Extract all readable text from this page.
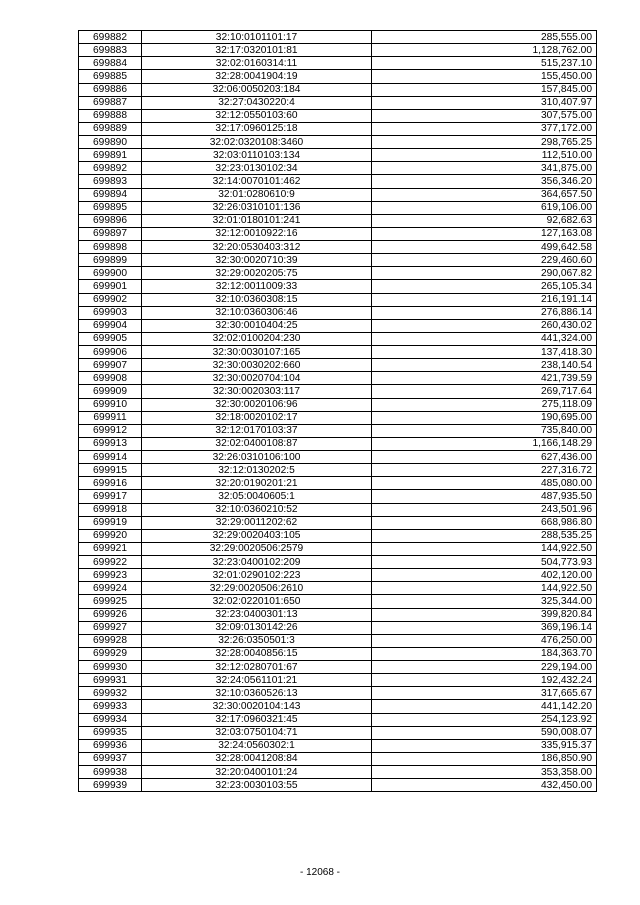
699882	32:10:0101101:17	285,555.00
699883	32:17:0320101:81	1,128,762.00
699884	32:02:0160314:11	515,237.10
699885	32:28:0041904:19	155,450.00
699886	32:06:0050203:184	157,845.00
699887	32:27:0430220:4	310,407.97
699888	32:12:0550103:60	307,575.00
699889	32:17:0960125:18	377,172.00
699890	32:02:0320108:3460	298,765.25
699891	32:03:0110103:134	112,510.00
699892	32:23:0130102:34	341,875.00
699893	32:14:0070101:462	356,346.20
699894	32:01:0280610:9	364,657.50
699895	32:26:0310101:136	619,106.00
699896	32:01:0180101:241	92,682.63
699897	32:12:0010922:16	127,163.08
699898	32:20:0530403:312	499,642.58
699899	32:30:0020710:39	229,460.60
699900	32:29:0020205:75	290,067.82
699901	32:12:0011009:33	265,105.34
699902	32:10:0360308:15	216,191.14
699903	32:10:0360306:46	276,886.14
699904	32:30:0010404:25	260,430.02
699905	32:02:0100204:230	441,324.00
699906	32:30:0030107:165	137,418.30
699907	32:30:0030202:660	238,140.54
699908	32:30:0020704:104	421,739.59
699909	32:30:0020303:117	269,717.64
699910	32:30:0020106:96	275,118.09
699911	32:18:0020102:17	190,695.00
699912	32:12:0170103:37	735,840.00
699913	32:02:0400108:87	1,166,148.29
699914	32:26:0310106:100	627,436.00
699915	32:12:0130202:5	227,316.72
699916	32:20:0190201:21	485,080.00
699917	32:05:0040605:1	487,935.50
699918	32:10:0360210:52	243,501.96
699919	32:29:0011202:62	668,986.80
699920	32:29:0020403:105	288,535.25
699921	32:29:0020506:2579	144,922.50
699922	32:23:0400102:209	504,773.93
699923	32:01:0290102:223	402,120.00
699924	32:29:0020506:2610	144,922.50
699925	32:02:0220101:650	325,344.00
699926	32:23:0400301:13	399,820.84
699927	32:09:0130142:26	369,196.14
699928	32:26:0350501:3	476,250.00
699929	32:28:0040856:15	184,363.70
699930	32:12:0280701:67	229,194.00
699931	32:24:0561101:21	192,432.24
699932	32:10:0360526:13	317,665.67
699933	32:30:0020104:143	441,142.20
699934	32:17:0960321:45	254,123.92
699935	32:03:0750104:71	590,008.07
699936	32:24:0560302:1	335,915.37
699937	32:28:0041208:84	186,850.90
699938	32:20:0400101:24	353,358.00
699939	32:23:0030103:55	432,450.00
- 12068 -
